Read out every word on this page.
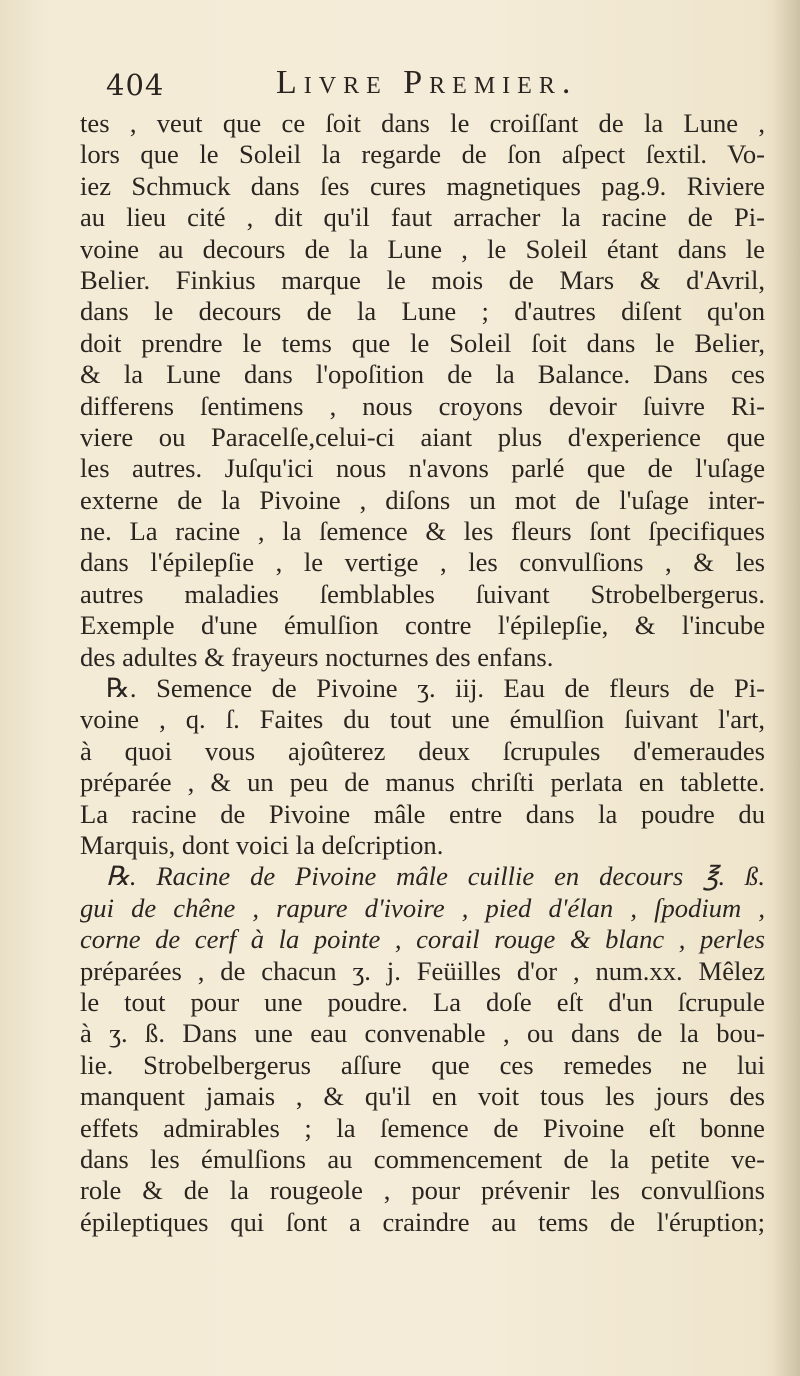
404	Livre Premier.
tes , veut que ce ſoit dans le croiſſant de la Lune ,
lors que le Soleil la regarde de ſon aſpect ſextil. Vo-
iez Schmuck dans ſes cures magnetiques pag.9. Riviere
au lieu cité , dit qu'il faut arracher la racine de Pi-
voine au decours de la Lune , le Soleil étant dans le
Belier. Finkius marque le mois de Mars & d'Avril,
dans le decours de la Lune ; d'autres diſent qu'on
doit prendre le tems que le Soleil ſoit dans le Belier,
& la Lune dans l'opoſition de la Balance. Dans ces
differens ſentimens , nous croyons devoir ſuivre Ri-
viere ou Paracelſe,celui-ci aiant plus d'experience que
les autres. Juſqu'ici nous n'avons parlé que de l'uſage
externe de la Pivoine , diſons un mot de l'uſage inter-
ne. La racine , la ſemence & les fleurs ſont ſpecifiques
dans l'épilepſie , le vertige , les convulſions , & les
autres maladies ſemblables ſuivant Strobelbergerus.
Exemple d'une émulſion contre l'épilepſie, & l'incube
des adultes & frayeurs nocturnes des enfans.
℞. Semence de Pivoine ʒ. iij. Eau de fleurs de Pi-
voine , q. ſ. Faites du tout une émulſion ſuivant l'art,
à quoi vous ajoûterez deux ſcrupules d'emeraudes
préparée , & un peu de manus chriſti perlata en tablette.
La racine de Pivoine mâle entre dans la poudre du
Marquis, dont voici la deſcription.
℞. Racine de Pivoine mâle cuillie en decours ℥. ß.
gui de chêne , rapure d'ivoire , pied d'élan , ſpodium ,
corne de cerf à la pointe , corail rouge & blanc , perles
préparées , de chacun ʒ. j. Feüilles d'or , num.xx. Mêlez
le tout pour une poudre. La doſe eſt d'un ſcrupule
à ʒ. ß. Dans une eau convenable , ou dans de la bou-
lie. Strobelbergerus aſſure que ces remedes ne lui
manquent jamais , & qu'il en voit tous les jours des
effets admirables ; la ſemence de Pivoine eſt bonne
dans les émulſions au commencement de la petite ve-
role & de la rougeole , pour prévenir les convulſions
épileptiques qui ſont a craindre au tems de l'éruption;
